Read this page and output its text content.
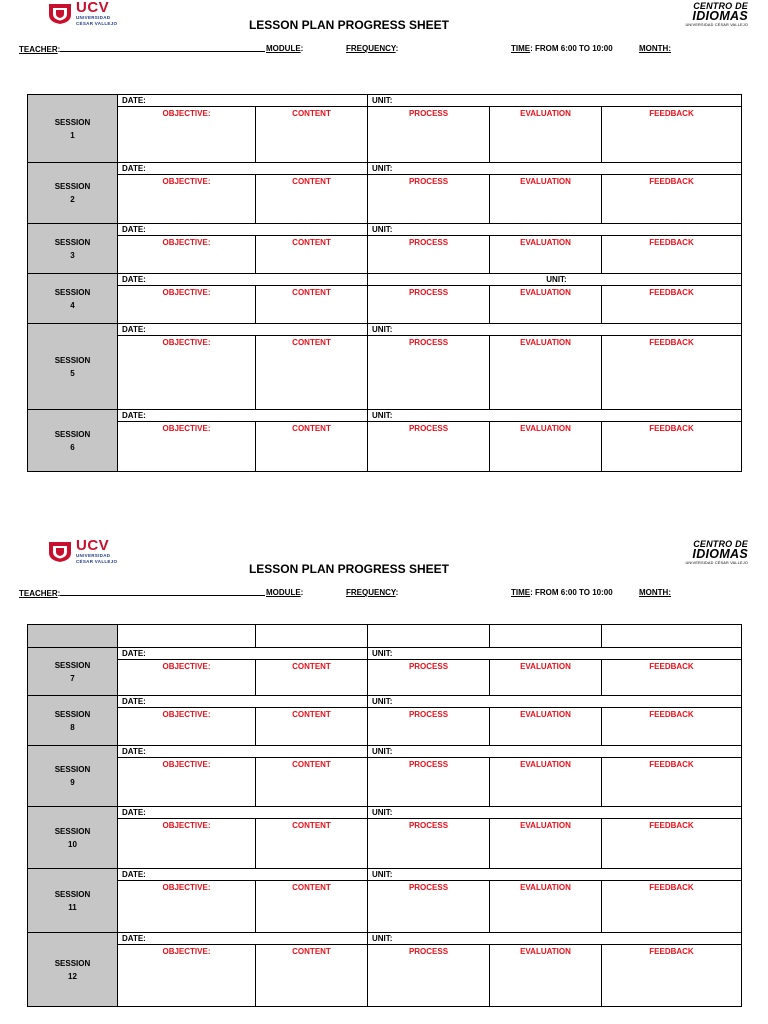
UCV
UNIVERSIDAD
CÉSAR VALLEJO
CENTRO DE
IDIOMAS
UNIVERSIDAD CÉSAR VALLEJO
LESSON PLAN PROGRESS SHEET
TEACHER:	MODULE:	FREQUENCY:	TIME: FROM 6:00 TO 10:00	MONTH:
SESSION
1	DATE:		UNIT:		
	OBJECTIVE:	CONTENT	PROCESS	EVALUATION	FEEDBACK
SESSION
2	DATE:		UNIT:		
	OBJECTIVE:	CONTENT	PROCESS	EVALUATION	FEEDBACK
SESSION
3	DATE:		UNIT:		
	OBJECTIVE:	CONTENT	PROCESS	EVALUATION	FEEDBACK
SESSION
4	DATE:		UNIT:		
	OBJECTIVE:	CONTENT	PROCESS	EVALUATION	FEEDBACK
SESSION
5	DATE:		UNIT:		
	OBJECTIVE:	CONTENT	PROCESS	EVALUATION	FEEDBACK
SESSION
6	DATE:		UNIT:		
	OBJECTIVE:	CONTENT	PROCESS	EVALUATION	FEEDBACK
UCV
UNIVERSIDAD
CÉSAR VALLEJO
CENTRO DE
IDIOMAS
UNIVERSIDAD CÉSAR VALLEJO
LESSON PLAN PROGRESS SHEET
TEACHER:	MODULE:	FREQUENCY:	TIME: FROM 6:00 TO 10:00	MONTH:

SESSION
7	DATE:		UNIT:		
	OBJECTIVE:	CONTENT	PROCESS	EVALUATION	FEEDBACK
SESSION
8	DATE:		UNIT:		
	OBJECTIVE:	CONTENT	PROCESS	EVALUATION	FEEDBACK
SESSION
9	DATE:		UNIT:		
	OBJECTIVE:	CONTENT	PROCESS	EVALUATION	FEEDBACK
SESSION
10	DATE:		UNIT:		
	OBJECTIVE:	CONTENT	PROCESS	EVALUATION	FEEDBACK
SESSION
11	DATE:		UNIT:		
	OBJECTIVE:	CONTENT	PROCESS	EVALUATION	FEEDBACK
SESSION
12	DATE:		UNIT:		
	OBJECTIVE:	CONTENT	PROCESS	EVALUATION	FEEDBACK
